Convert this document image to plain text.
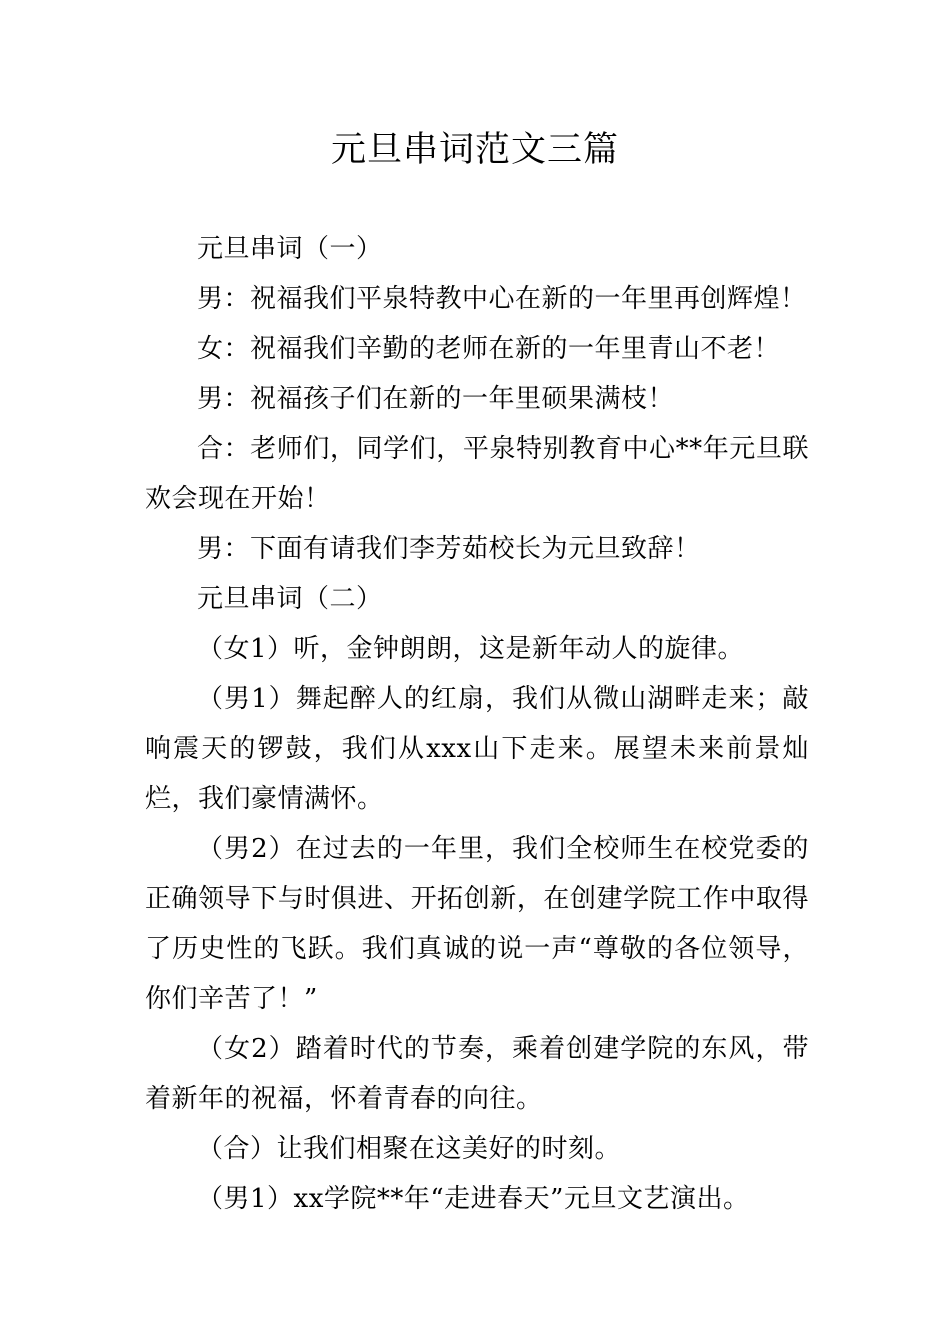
元旦串词范文三篇

元旦串词（一）

男：祝福我们平泉特教中心在新的一年里再创辉煌！

女：祝福我们辛勤的老师在新的一年里青山不老！

男：祝福孩子们在新的一年里硕果满枝！

合：老师们，同学们，平泉特别教育中心**年元旦联欢会现在开始！

男：下面有请我们李芳茹校长为元旦致辞！

元旦串词（二）

（女1）听，金钟朗朗，这是新年动人的旋律。

（男1）舞起醉人的红扇，我们从微山湖畔走来；敲响震天的锣鼓，我们从xxx山下走来。展望未来前景灿烂，我们豪情满怀。

（男2）在过去的一年里，我们全校师生在校党委的正确领导下与时俱进、开拓创新，在创建学院工作中取得了历史性的飞跃。我们真诚的说一声“尊敬的各位领导，你们辛苦了！”

（女2）踏着时代的节奏，乘着创建学院的东风，带着新年的祝福，怀着青春的向往。

（合）让我们相聚在这美好的时刻。

（男1）xx学院**年“走进春天”元旦文艺演出。
